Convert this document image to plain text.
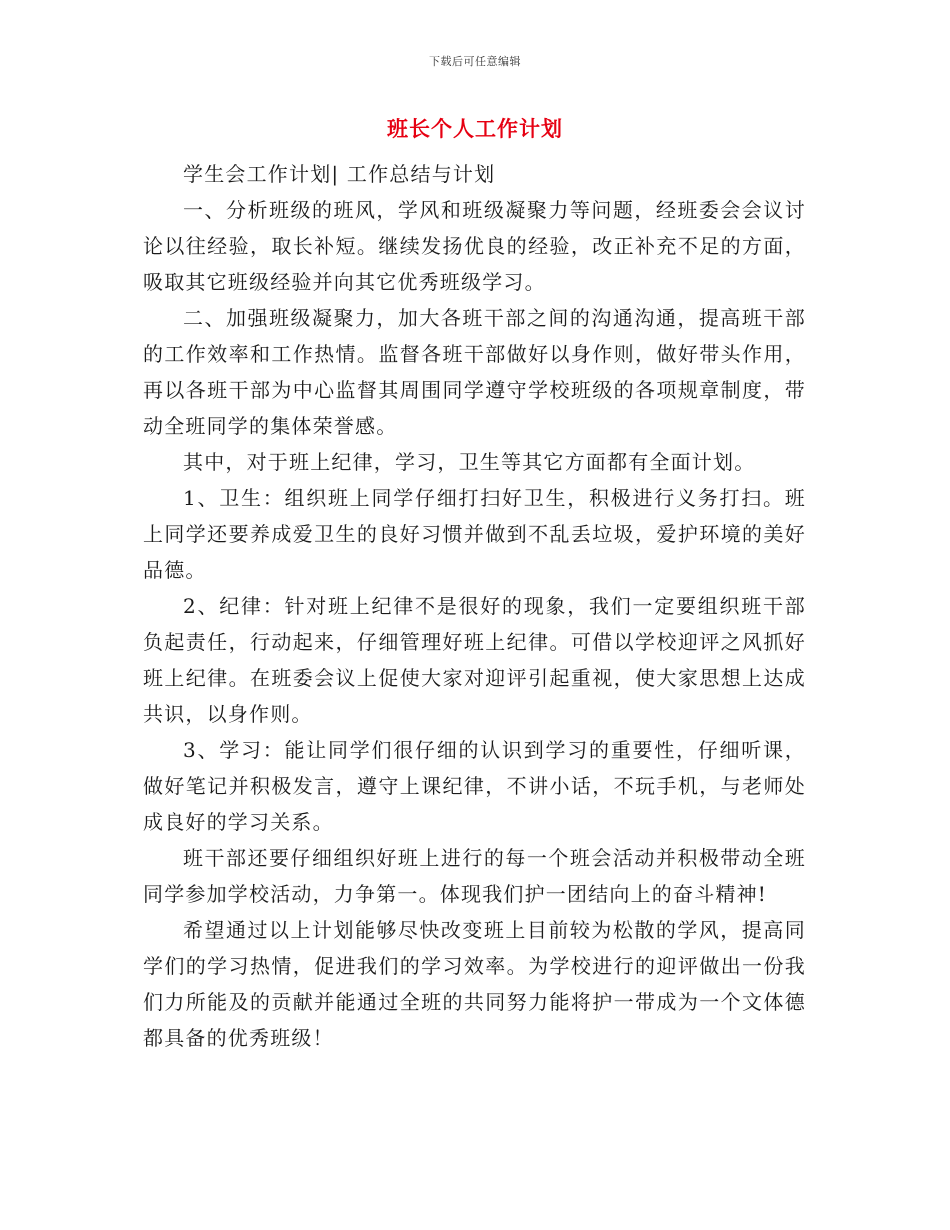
下载后可任意编辑
班长个人工作计划

学生会工作计划| 工作总结与计划

一、分析班级的班风，学风和班级凝聚力等问题，经班委会会议讨论以往经验，取长补短。继续发扬优良的经验，改正补充不足的方面，吸取其它班级经验并向其它优秀班级学习。

二、加强班级凝聚力，加大各班干部之间的沟通沟通，提高班干部的工作效率和工作热情。监督各班干部做好以身作则，做好带头作用，再以各班干部为中心监督其周围同学遵守学校班级的各项规章制度，带动全班同学的集体荣誉感。

其中，对于班上纪律，学习，卫生等其它方面都有全面计划。

1、卫生：组织班上同学仔细打扫好卫生，积极进行义务打扫。班上同学还要养成爱卫生的良好习惯并做到不乱丢垃圾，爱护环境的美好品德。

2、纪律：针对班上纪律不是很好的现象，我们一定要组织班干部负起责任，行动起来，仔细管理好班上纪律。可借以学校迎评之风抓好班上纪律。在班委会议上促使大家对迎评引起重视，使大家思想上达成共识，以身作则。

3、学习：能让同学们很仔细的认识到学习的重要性，仔细听课，做好笔记并积极发言，遵守上课纪律，不讲小话，不玩手机，与老师处成良好的学习关系。

班干部还要仔细组织好班上进行的每一个班会活动并积极带动全班同学参加学校活动，力争第一。体现我们护一团结向上的奋斗精神!

希望通过以上计划能够尽快改变班上目前较为松散的学风，提高同学们的学习热情，促进我们的学习效率。为学校进行的迎评做出一份我们力所能及的贡献并能通过全班的共同努力能将护一带成为一个文体德都具备的优秀班级！
